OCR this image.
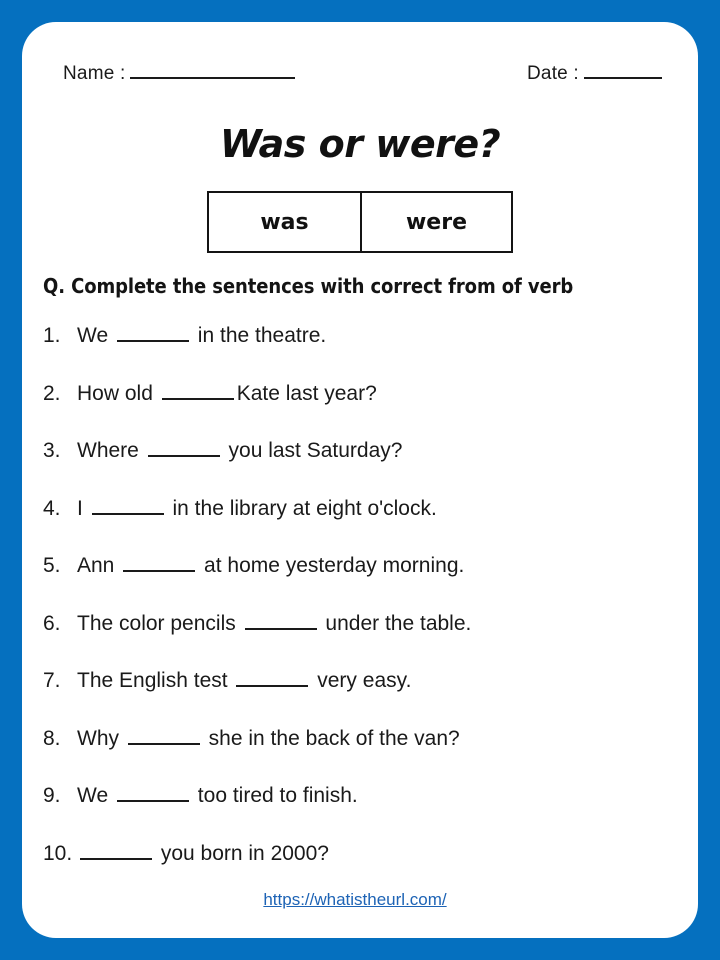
Name :	Date :
Was or were?
was	were
Q. Complete the sentences with correct from of verb
1. We	in the theatre.
2. How old	Kate last year?
3. Where	you last Saturday?
4. I	in the library at eight o'clock.
5. Ann	at home yesterday morning.
6. The color pencils	under the table.
7. The English test	very easy.
8. Why	she in the back of the van?
9. We	too tired to finish.
10.	you born in 2000?
https://whatistheurl.com/
